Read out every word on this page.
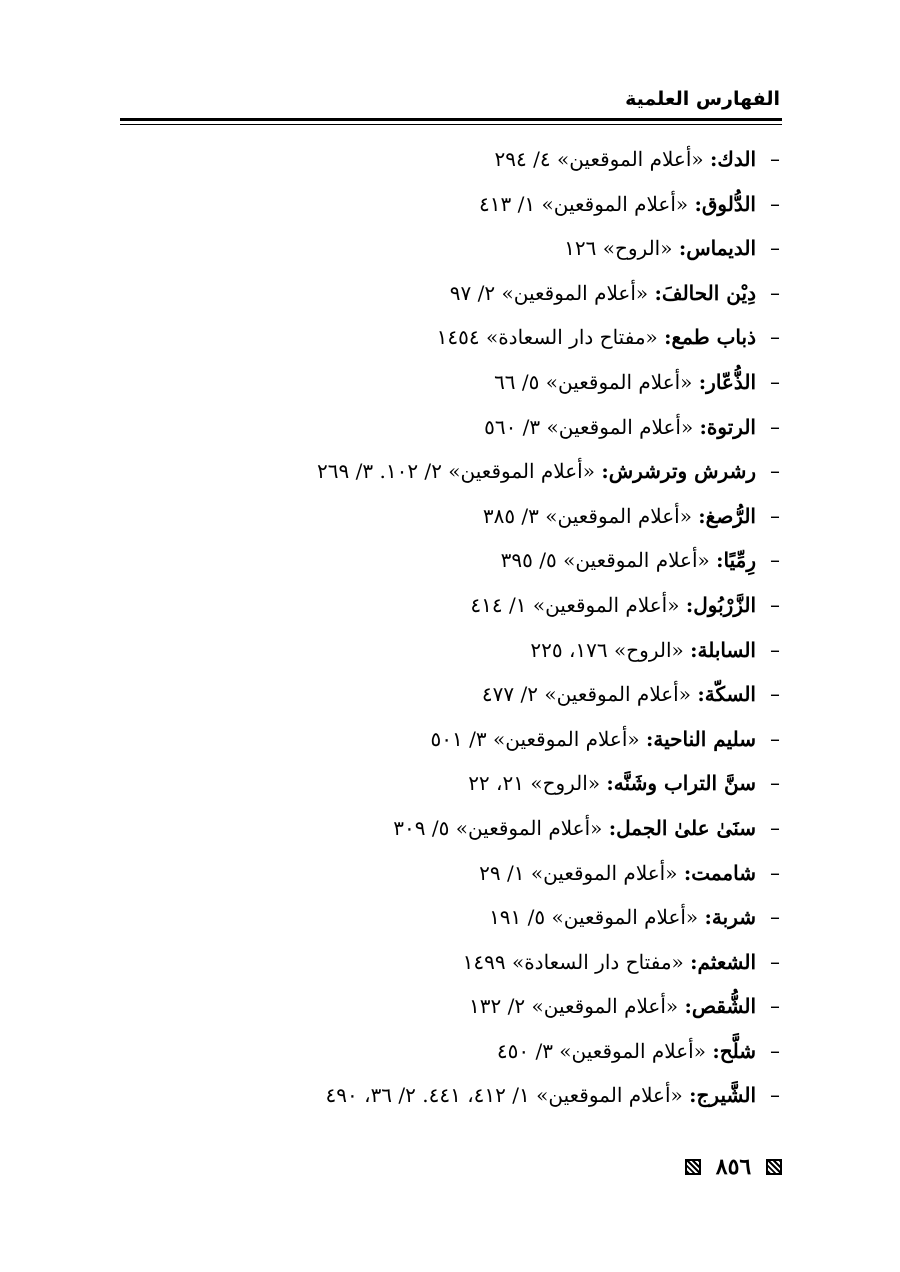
الفهارس العلمية
–الدك: «أعلام الموقعين» ٤/ ٢٩٤
–الدُّلوق: «أعلام الموقعين» ١/ ٤١٣
–الديماس: «الروح» ١٢٦
–دِيْن الحالفَ: «أعلام الموقعين» ٢/ ٩٧
–ذباب طمع: «مفتاح دار السعادة» ١٤٥٤
–الذُّعّار: «أعلام الموقعين» ٥/ ٦٦
–الرتوة: «أعلام الموقعين» ٣/ ٥٦٠
–رشرش وترشرش: «أعلام الموقعين» ٢/ ١٠٢. ٣/ ٢٦٩
–الرُّصغ: «أعلام الموقعين» ٣/ ٣٨٥
–رِمِّيًا: «أعلام الموقعين» ٥/ ٣٩٥
–الزَّرْبُول: «أعلام الموقعين» ١/ ٤١٤
–السابلة: «الروح» ١٧٦، ٢٢٥
–السكّة: «أعلام الموقعين» ٢/ ٤٧٧
–سليم الناحية: «أعلام الموقعين» ٣/ ٥٠١
–سنَّ التراب وشَنَّه: «الروح» ٢١، ٢٢
–سنَىٰ علىٰ الجمل: «أعلام الموقعين» ٥/ ٣٠٩
–شاممت: «أعلام الموقعين» ١/ ٢٩
–شربة: «أعلام الموقعين» ٥/ ١٩١
–الشعثم: «مفتاح دار السعادة» ١٤٩٩
–الشُّقص: «أعلام الموقعين» ٢/ ١٣٢
–شلَّح: «أعلام الموقعين» ٣/ ٤٥٠
–الشَّيرج: «أعلام الموقعين» ١/ ٤١٢، ٤٤١. ٢/ ٣٦، ٤٩٠
٨٥٦
